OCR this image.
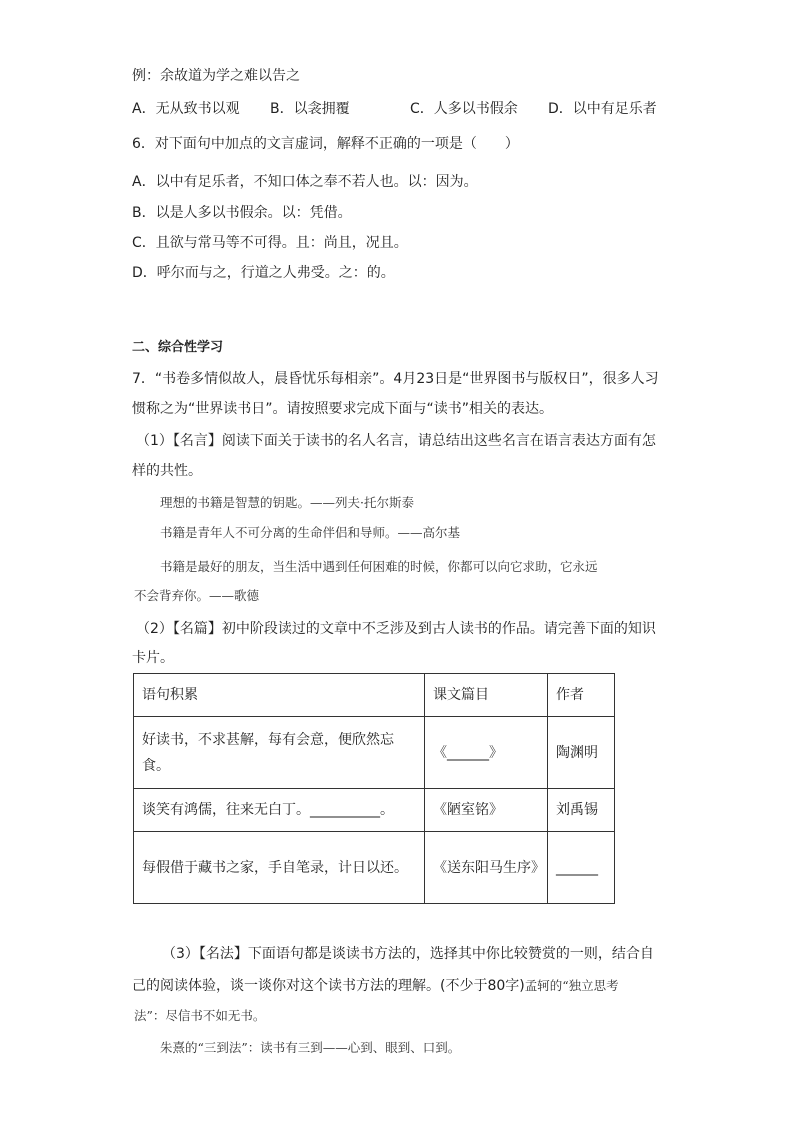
例：余故道为学之难以告之
A．无从致书以观 B．以衾拥覆	C．人多以书假余 D．以中有足乐者
6．对下面句中加点的文言虚词，解释不正确的一项是（　　）
A．以中有足乐者，不知口体之奉不若人也。以：因为。
B．以是人多以书假余。以：凭借。
C．且欲与常马等不可得。且：尚且，况且。
D．呼尔而与之，行道之人弗受。之：的。
二、综合性学习
7．“书卷多情似故人，晨昏忧乐每相亲”。4月23日是“世界图书与版权日”，很多人习
惯称之为“世界读书日”。请按照要求完成下面与“读书”相关的表达。
（1）【名言】阅读下面关于读书的名人名言，请总结出这些名言在语言表达方面有怎
样的共性。
理想的书籍是智慧的钥匙。——列夫·托尔斯泰
书籍是青年人不可分离的生命伴侣和导师。——高尔基
书籍是最好的朋友，当生活中遇到任何困难的时候，你都可以向它求助，它永远
不会背弃你。——歌德
（2）【名篇】初中阶段读过的文章中不乏涉及到古人读书的作品。请完善下面的知识
卡片。
语句积累	课文篇目	作者
好读书，不求甚解，每有会意，便欣然忘食。	《______》	陶渊明
谈笑有鸿儒，往来无白丁。__________。	《陋室铭》	刘禹锡
每假借于藏书之家，手自笔录，计日以还。	《送东阳马生序》	______
（3）【名法】下面语句都是谈读书方法的，选择其中你比较赞赏的一则，结合自
己的阅读体验，谈一谈你对这个读书方法的理解。(不少于80字)孟轲的“独立思考
法”：尽信书不如无书。
朱熹的“三到法”：读书有三到——心到、眼到、口到。
